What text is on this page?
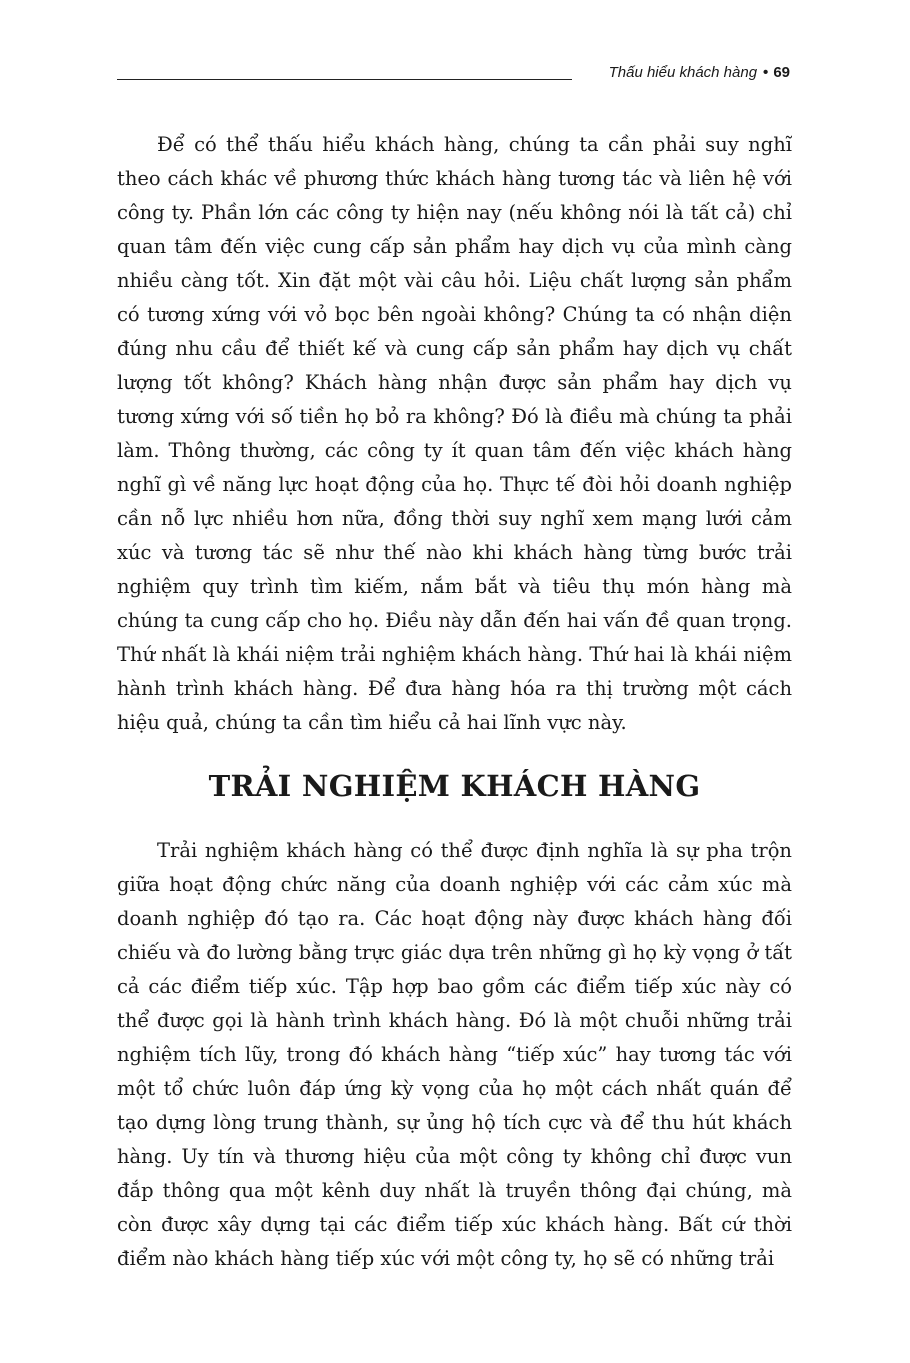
Thấu hiểu khách hàng • 69

Để có thể thấu hiểu khách hàng, chúng ta cần phải suy nghĩ theo cách khác về phương thức khách hàng tương tác và liên hệ với công ty. Phần lớn các công ty hiện nay (nếu không nói là tất cả) chỉ quan tâm đến việc cung cấp sản phẩm hay dịch vụ của mình càng nhiều càng tốt. Xin đặt một vài câu hỏi. Liệu chất lượng sản phẩm có tương xứng với vỏ bọc bên ngoài không? Chúng ta có nhận diện đúng nhu cầu để thiết kế và cung cấp sản phẩm hay dịch vụ chất lượng tốt không? Khách hàng nhận được sản phẩm hay dịch vụ tương xứng với số tiền họ bỏ ra không? Đó là điều mà chúng ta phải làm. Thông thường, các công ty ít quan tâm đến việc khách hàng nghĩ gì về năng lực hoạt động của họ. Thực tế đòi hỏi doanh nghiệp cần nỗ lực nhiều hơn nữa, đồng thời suy nghĩ xem mạng lưới cảm xúc và tương tác sẽ như thế nào khi khách hàng từng bước trải nghiệm quy trình tìm kiếm, nắm bắt và tiêu thụ món hàng mà chúng ta cung cấp cho họ. Điều này dẫn đến hai vấn đề quan trọng. Thứ nhất là khái niệm trải nghiệm khách hàng. Thứ hai là khái niệm hành trình khách hàng. Để đưa hàng hóa ra thị trường một cách hiệu quả, chúng ta cần tìm hiểu cả hai lĩnh vực này.

TRẢI NGHIỆM KHÁCH HÀNG

Trải nghiệm khách hàng có thể được định nghĩa là sự pha trộn giữa hoạt động chức năng của doanh nghiệp với các cảm xúc mà doanh nghiệp đó tạo ra. Các hoạt động này được khách hàng đối chiếu và đo lường bằng trực giác dựa trên những gì họ kỳ vọng ở tất cả các điểm tiếp xúc. Tập hợp bao gồm các điểm tiếp xúc này có thể được gọi là hành trình khách hàng. Đó là một chuỗi những trải nghiệm tích lũy, trong đó khách hàng “tiếp xúc” hay tương tác với một tổ chức luôn đáp ứng kỳ vọng của họ một cách nhất quán để tạo dựng lòng trung thành, sự ủng hộ tích cực và để thu hút khách hàng. Uy tín và thương hiệu của một công ty không chỉ được vun đắp thông qua một kênh duy nhất là truyền thông đại chúng, mà còn được xây dựng tại các điểm tiếp xúc khách hàng. Bất cứ thời điểm nào khách hàng tiếp xúc với một công ty, họ sẽ có những trải
